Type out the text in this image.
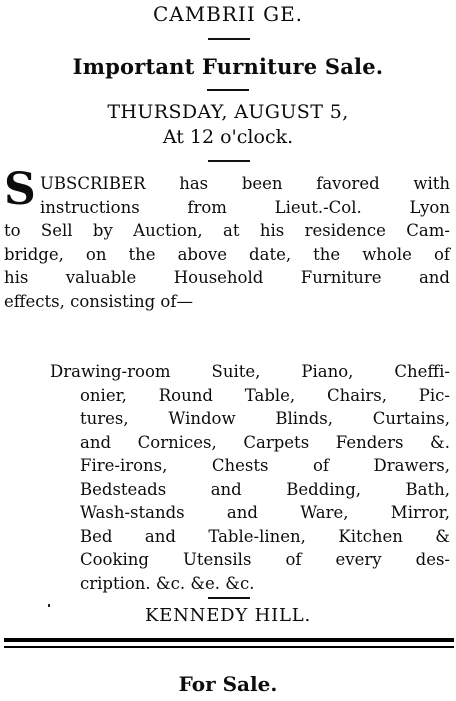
CAMBRII GE.
Important Furniture Sale.
THURSDAY, AUGUST 5,
At 12 o'clock.
S UBSCRIBER has been favored with
instructions from Lieut.-Col. Lyon
to Sell by Auction, at his residence Cam-
bridge, on the above date, the whole of
his valuable Household Furniture and
effects, consisting of—
Drawing-room Suite, Piano, Cheffi-
onier, Round Table, Chairs, Pic-
tures, Window Blinds, Curtains,
and Cornices, Carpets Fenders &.
Fire-irons, Chests of Drawers,
Bedsteads and Bedding, Bath,
Wash-stands and Ware, Mirror,
Bed and Table-linen, Kitchen &
Cooking Utensils of every des-
cription. &c. &e. &c.
KENNEDY HILL.
For Sale.
